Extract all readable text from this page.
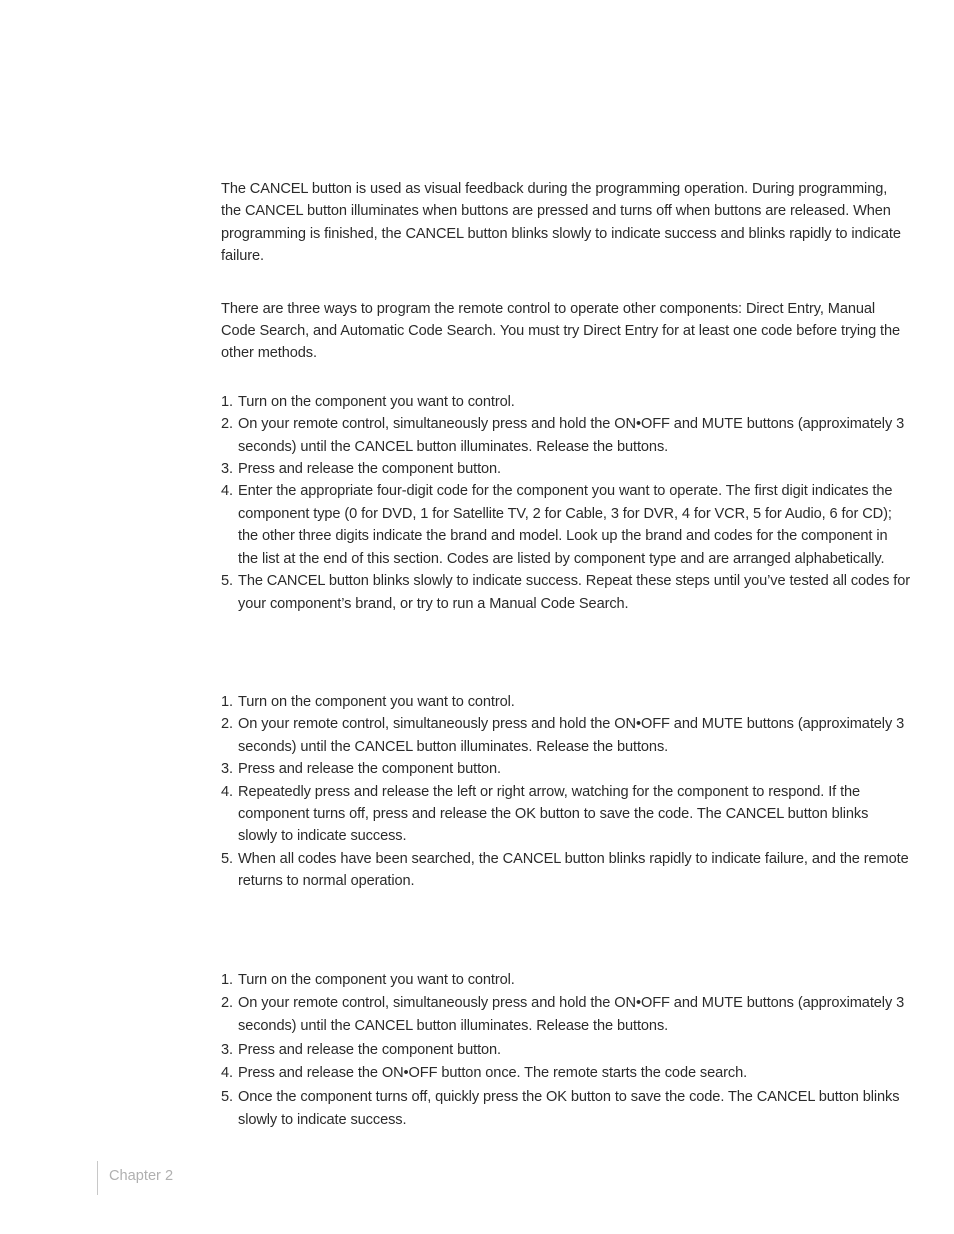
The CANCEL button is used as visual feedback during the programming operation. During programming, the CANCEL button illuminates when buttons are pressed and turns off when buttons are released. When programming is finished, the CANCEL button blinks slowly to indicate success and blinks rapidly to indicate failure.

There are three ways to program the remote control to operate other components: Direct Entry, Manual Code Search, and Automatic Code Search. You must try Direct Entry for at least one code before trying the other methods.

1. Turn on the component you want to control.
2. On your remote control, simultaneously press and hold the ON•OFF and MUTE buttons (approximately 3 seconds) until the CANCEL button illuminates. Release the buttons.
3. Press and release the component button.
4. Enter the appropriate four-digit code for the component you want to operate. The first digit indicates the component type (0 for DVD, 1 for Satellite TV, 2 for Cable, 3 for DVR, 4 for VCR, 5 for Audio, 6 for CD); the other three digits indicate the brand and model. Look up the brand and codes for the component in the list at the end of this section. Codes are listed by component type and are arranged alphabetically.
5. The CANCEL button blinks slowly to indicate success. Repeat these steps until you’ve tested all codes for your component’s brand, or try to run a Manual Code Search.
1. Turn on the component you want to control.
2. On your remote control, simultaneously press and hold the ON•OFF and MUTE buttons (approximately 3 seconds) until the CANCEL button illuminates. Release the buttons.
3. Press and release the component button.
4. Repeatedly press and release the left or right arrow, watching for the component to respond. If the component turns off, press and release the OK button to save the code. The CANCEL button blinks slowly to indicate success.
5. When all codes have been searched, the CANCEL button blinks rapidly to indicate failure, and the remote returns to normal operation.
1. Turn on the component you want to control.
2. On your remote control, simultaneously press and hold the ON•OFF and MUTE buttons (approximately 3 seconds) until the CANCEL button illuminates. Release the buttons.
3. Press and release the component button.
4. Press and release the ON•OFF button once. The remote starts the code search.
5. Once the component turns off, quickly press the OK button to save the code. The CANCEL button blinks slowly to indicate success.
Chapter 2
